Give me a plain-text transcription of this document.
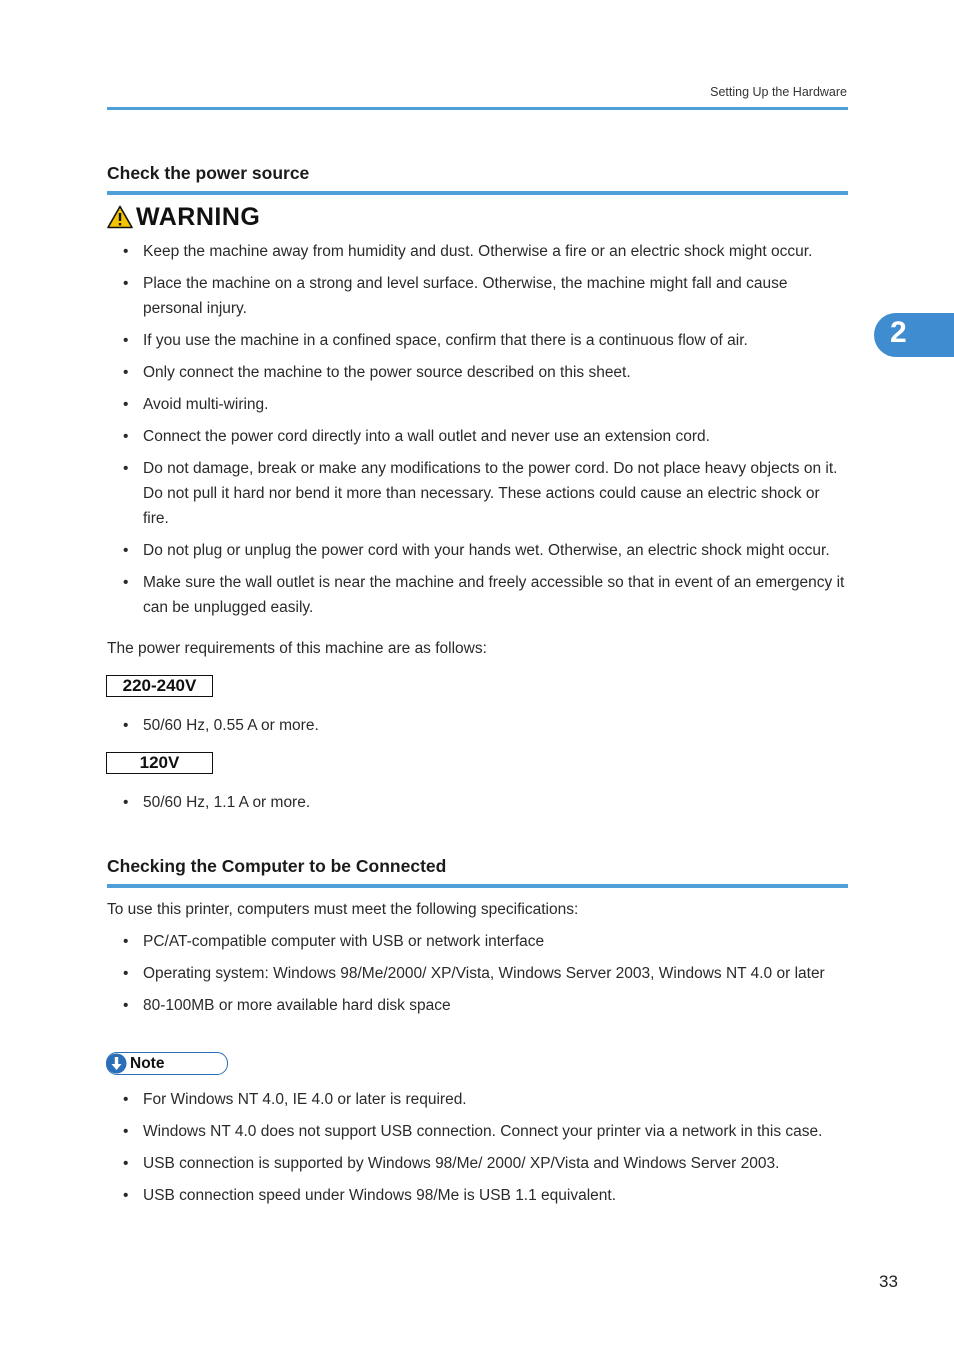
Setting Up the Hardware
2
Check the power source
WARNING
• Keep the machine away from humidity and dust. Otherwise a fire or an electric shock might occur.
• Place the machine on a strong and level surface. Otherwise, the machine might fall and cause personal injury.
• If you use the machine in a confined space, confirm that there is a continuous flow of air.
• Only connect the machine to the power source described on this sheet.
• Avoid multi-wiring.
• Connect the power cord directly into a wall outlet and never use an extension cord.
• Do not damage, break or make any modifications to the power cord. Do not place heavy objects on it. Do not pull it hard nor bend it more than necessary. These actions could cause an electric shock or fire.
• Do not plug or unplug the power cord with your hands wet. Otherwise, an electric shock might occur.
• Make sure the wall outlet is near the machine and freely accessible so that in event of an emergency it can be unplugged easily.
The power requirements of this machine are as follows:
220-240V
• 50/60 Hz, 0.55 A or more.
120V
• 50/60 Hz, 1.1 A or more.
Checking the Computer to be Connected
To use this printer, computers must meet the following specifications:
• PC/AT-compatible computer with USB or network interface
• Operating system: Windows 98/Me/2000/ XP/Vista, Windows Server 2003, Windows NT 4.0 or later
• 80-100MB or more available hard disk space
Note
• For Windows NT 4.0, IE 4.0 or later is required.
• Windows NT 4.0 does not support USB connection. Connect your printer via a network in this case.
• USB connection is supported by Windows 98/Me/ 2000/ XP/Vista and Windows Server 2003.
• USB connection speed under Windows 98/Me is USB 1.1 equivalent.
33
